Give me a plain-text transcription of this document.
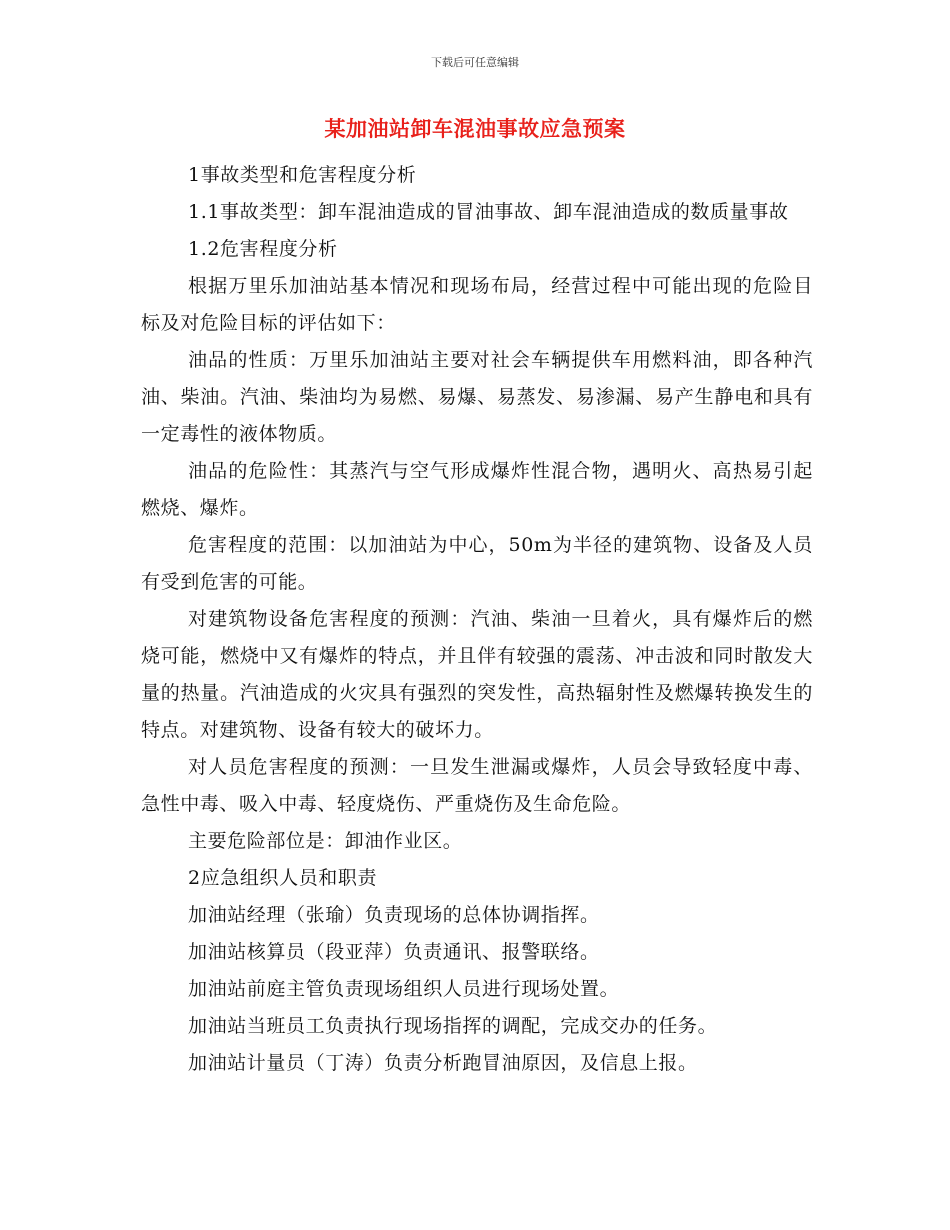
下载后可任意编辑
某加油站卸车混油事故应急预案

1事故类型和危害程度分析

1.1事故类型：卸车混油造成的冒油事故、卸车混油造成的数质量事故

1.2危害程度分析

根据万里乐加油站基本情况和现场布局，经营过程中可能出现的危险目标及对危险目标的评估如下：

油品的性质：万里乐加油站主要对社会车辆提供车用燃料油，即各种汽油、柴油。汽油、柴油均为易燃、易爆、易蒸发、易渗漏、易产生静电和具有一定毒性的液体物质。

油品的危险性：其蒸汽与空气形成爆炸性混合物，遇明火、高热易引起燃烧、爆炸。

危害程度的范围：以加油站为中心，50m为半径的建筑物、设备及人员有受到危害的可能。

对建筑物设备危害程度的预测：汽油、柴油一旦着火，具有爆炸后的燃烧可能，燃烧中又有爆炸的特点，并且伴有较强的震荡、冲击波和同时散发大量的热量。汽油造成的火灾具有强烈的突发性，高热辐射性及燃爆转换发生的特点。对建筑物、设备有较大的破坏力。

对人员危害程度的预测：一旦发生泄漏或爆炸，人员会导致轻度中毒、急性中毒、吸入中毒、轻度烧伤、严重烧伤及生命危险。

主要危险部位是：卸油作业区。

2应急组织人员和职责

加油站经理（张瑜）负责现场的总体协调指挥。

加油站核算员（段亚萍）负责通讯、报警联络。

加油站前庭主管负责现场组织人员进行现场处置。

加油站当班员工负责执行现场指挥的调配，完成交办的任务。

加油站计量员（丁涛）负责分析跑冒油原因，及信息上报。
